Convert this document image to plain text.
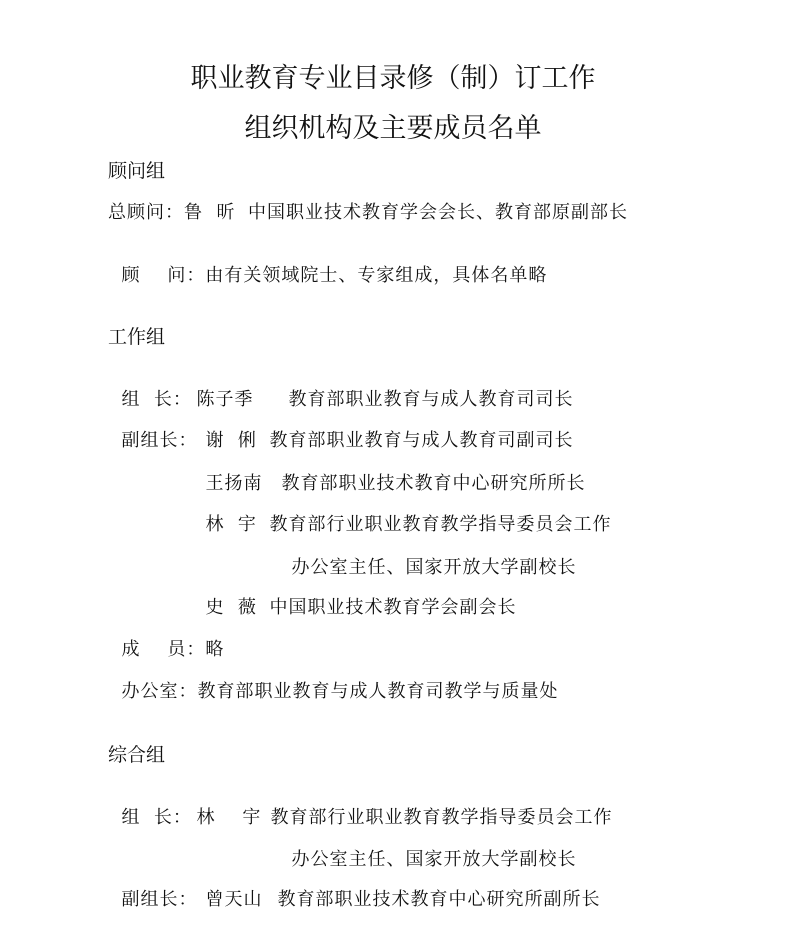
职业教育专业目录修（制）订工作
组织机构及主要成员名单
顾问组
总顾问：鲁  昕 中国职业技术教育学会会长、教育部原副部长

顾    问：由有关领域院士、专家组成，具体名单略

工作组

组  长： 陈子季 教育部职业教育与成人教育司司长

副组长： 谢  俐 教育部职业教育与成人教育司副司长

王扬南 教育部职业技术教育中心研究所所长

林  宇 教育部行业职业教育教学指导委员会工作

办公室主任、国家开放大学副校长

史  薇 中国职业技术教育学会副会长

成    员：略

办公室：教育部职业教育与成人教育司教学与质量处

综合组

组  长： 林    宇 教育部行业职业教育教学指导委员会工作

办公室主任、国家开放大学副校长

副组长： 曾天山 教育部职业技术教育中心研究所副所长
